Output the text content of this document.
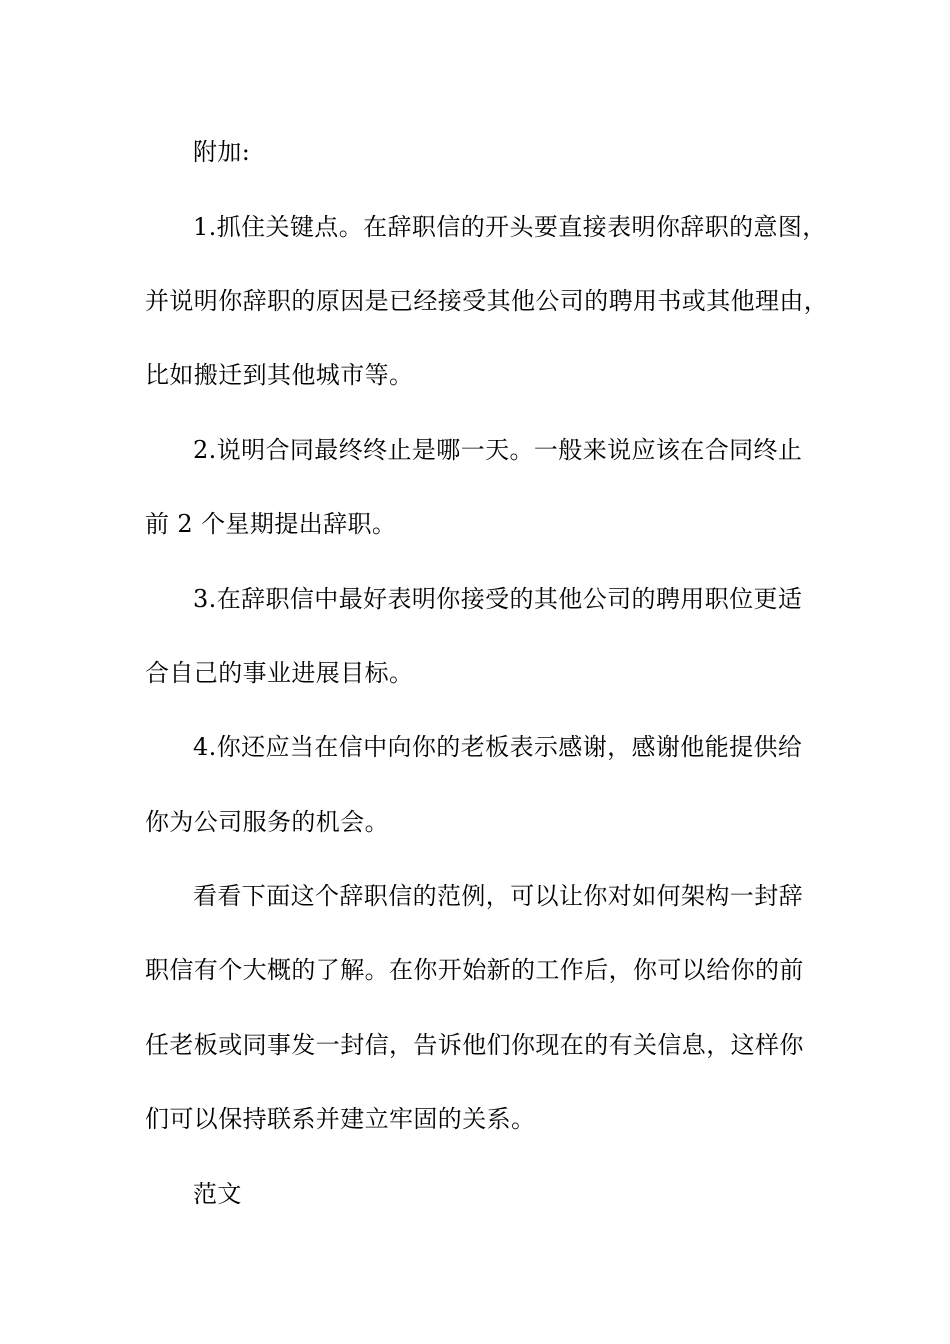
附加:
1.抓住关键点。在辞职信的开头要直接表明你辞职的意图，
并说明你辞职的原因是已经接受其他公司的聘用书或其他理由，
比如搬迁到其他城市等。
2.说明合同最终终止是哪一天。一般来说应该在合同终止
前 2 个星期提出辞职。
3.在辞职信中最好表明你接受的其他公司的聘用职位更适
合自己的事业进展目标。
4.你还应当在信中向你的老板表示感谢，感谢他能提供给
你为公司服务的机会。
看看下面这个辞职信的范例，可以让你对如何架构一封辞
职信有个大概的了解。在你开始新的工作后，你可以给你的前
任老板或同事发一封信，告诉他们你现在的有关信息，这样你
们可以保持联系并建立牢固的关系。
范文
